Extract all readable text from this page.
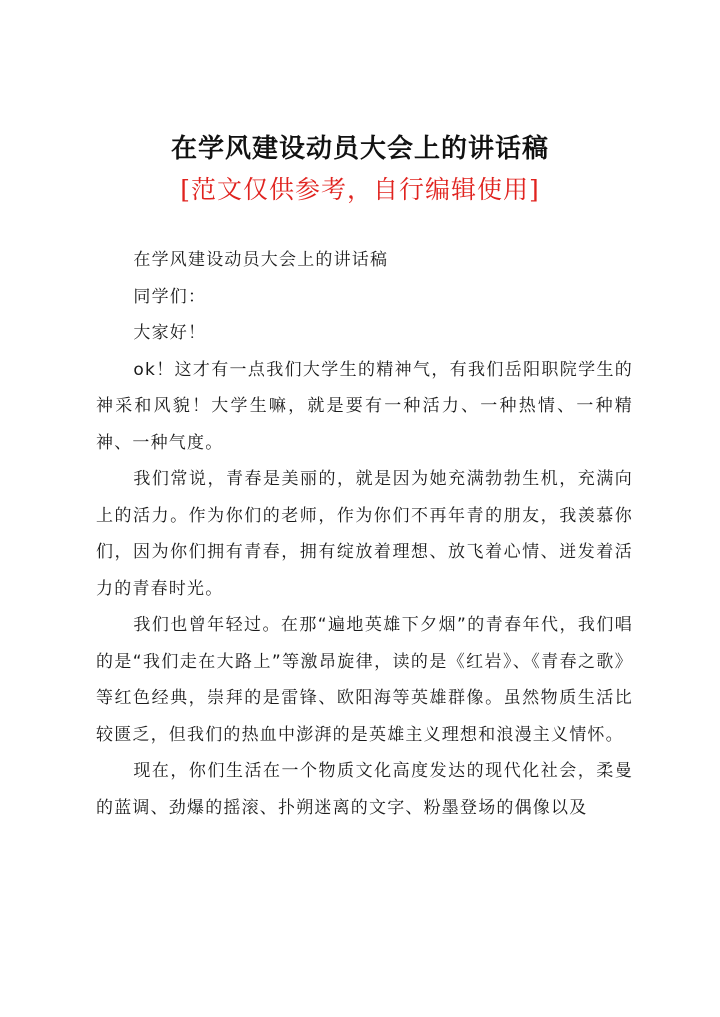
在学风建设动员大会上的讲话稿
[范文仅供参考，自行编辑使用]

在学风建设动员大会上的讲话稿

同学们：

大家好！

ok！这才有一点我们大学生的精神气，有我们岳阳职院学生的神采和风貌！大学生嘛，就是要有一种活力、一种热情、一种精神、一种气度。

我们常说，青春是美丽的，就是因为她充满勃勃生机，充满向上的活力。作为你们的老师，作为你们不再年青的朋友，我羡慕你们，因为你们拥有青春，拥有绽放着理想、放飞着心情、迸发着活力的青春时光。

我们也曾年轻过。在那“遍地英雄下夕烟”的青春年代，我们唱的是“我们走在大路上”等激昂旋律，读的是《红岩》、《青春之歌》等红色经典，崇拜的是雷锋、欧阳海等英雄群像。虽然物质生活比较匮乏，但我们的热血中澎湃的是英雄主义理想和浪漫主义情怀。

现在，你们生活在一个物质文化高度发达的现代化社会，柔曼的蓝调、劲爆的摇滚、扑朔迷离的文字、粉墨登场的偶像以及
